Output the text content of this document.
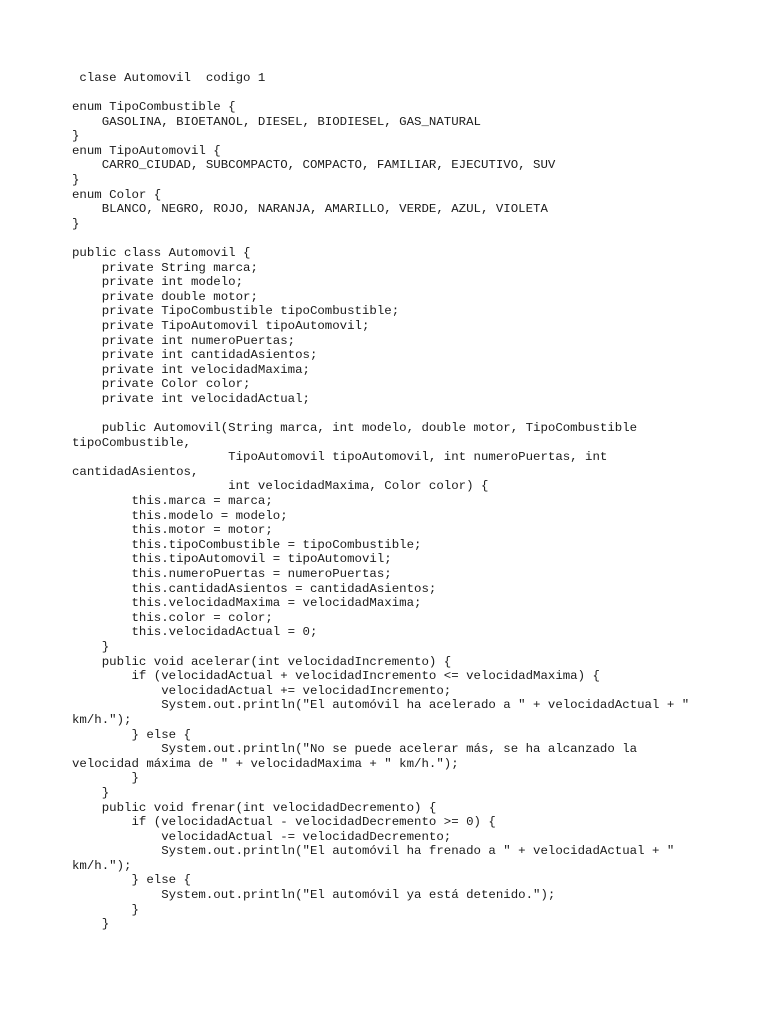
clase Automovil  codigo 1
enum TipoCombustible {
GASOLINA, BIOETANOL, DIESEL, BIODIESEL, GAS_NATURAL
}
enum TipoAutomovil {
CARRO_CIUDAD, SUBCOMPACTO, COMPACTO, FAMILIAR, EJECUTIVO, SUV
}
enum Color {
BLANCO, NEGRO, ROJO, NARANJA, AMARILLO, VERDE, AZUL, VIOLETA
}
public class Automovil {
private String marca;
private int modelo;
private double motor;
private TipoCombustible tipoCombustible;
private TipoAutomovil tipoAutomovil;
private int numeroPuertas;
private int cantidadAsientos;
private int velocidadMaxima;
private Color color;
private int velocidadActual;
public Automovil(String marca, int modelo, double motor, TipoCombustible
tipoCombustible,
TipoAutomovil tipoAutomovil, int numeroPuertas, int
cantidadAsientos,
int velocidadMaxima, Color color) {
this.marca = marca;
this.modelo = modelo;
this.motor = motor;
this.tipoCombustible = tipoCombustible;
this.tipoAutomovil = tipoAutomovil;
this.numeroPuertas = numeroPuertas;
this.cantidadAsientos = cantidadAsientos;
this.velocidadMaxima = velocidadMaxima;
this.color = color;
this.velocidadActual = 0;
}
public void acelerar(int velocidadIncremento) {
if (velocidadActual + velocidadIncremento <= velocidadMaxima) {
velocidadActual += velocidadIncremento;
System.out.println("El automóvil ha acelerado a " + velocidadActual + "
km/h.");
} else {
System.out.println("No se puede acelerar más, se ha alcanzado la
velocidad máxima de " + velocidadMaxima + " km/h.");
}
}
public void frenar(int velocidadDecremento) {
if (velocidadActual - velocidadDecremento >= 0) {
velocidadActual -= velocidadDecremento;
System.out.println("El automóvil ha frenado a " + velocidadActual + "
km/h.");
} else {
System.out.println("El automóvil ya está detenido.");
}
}
